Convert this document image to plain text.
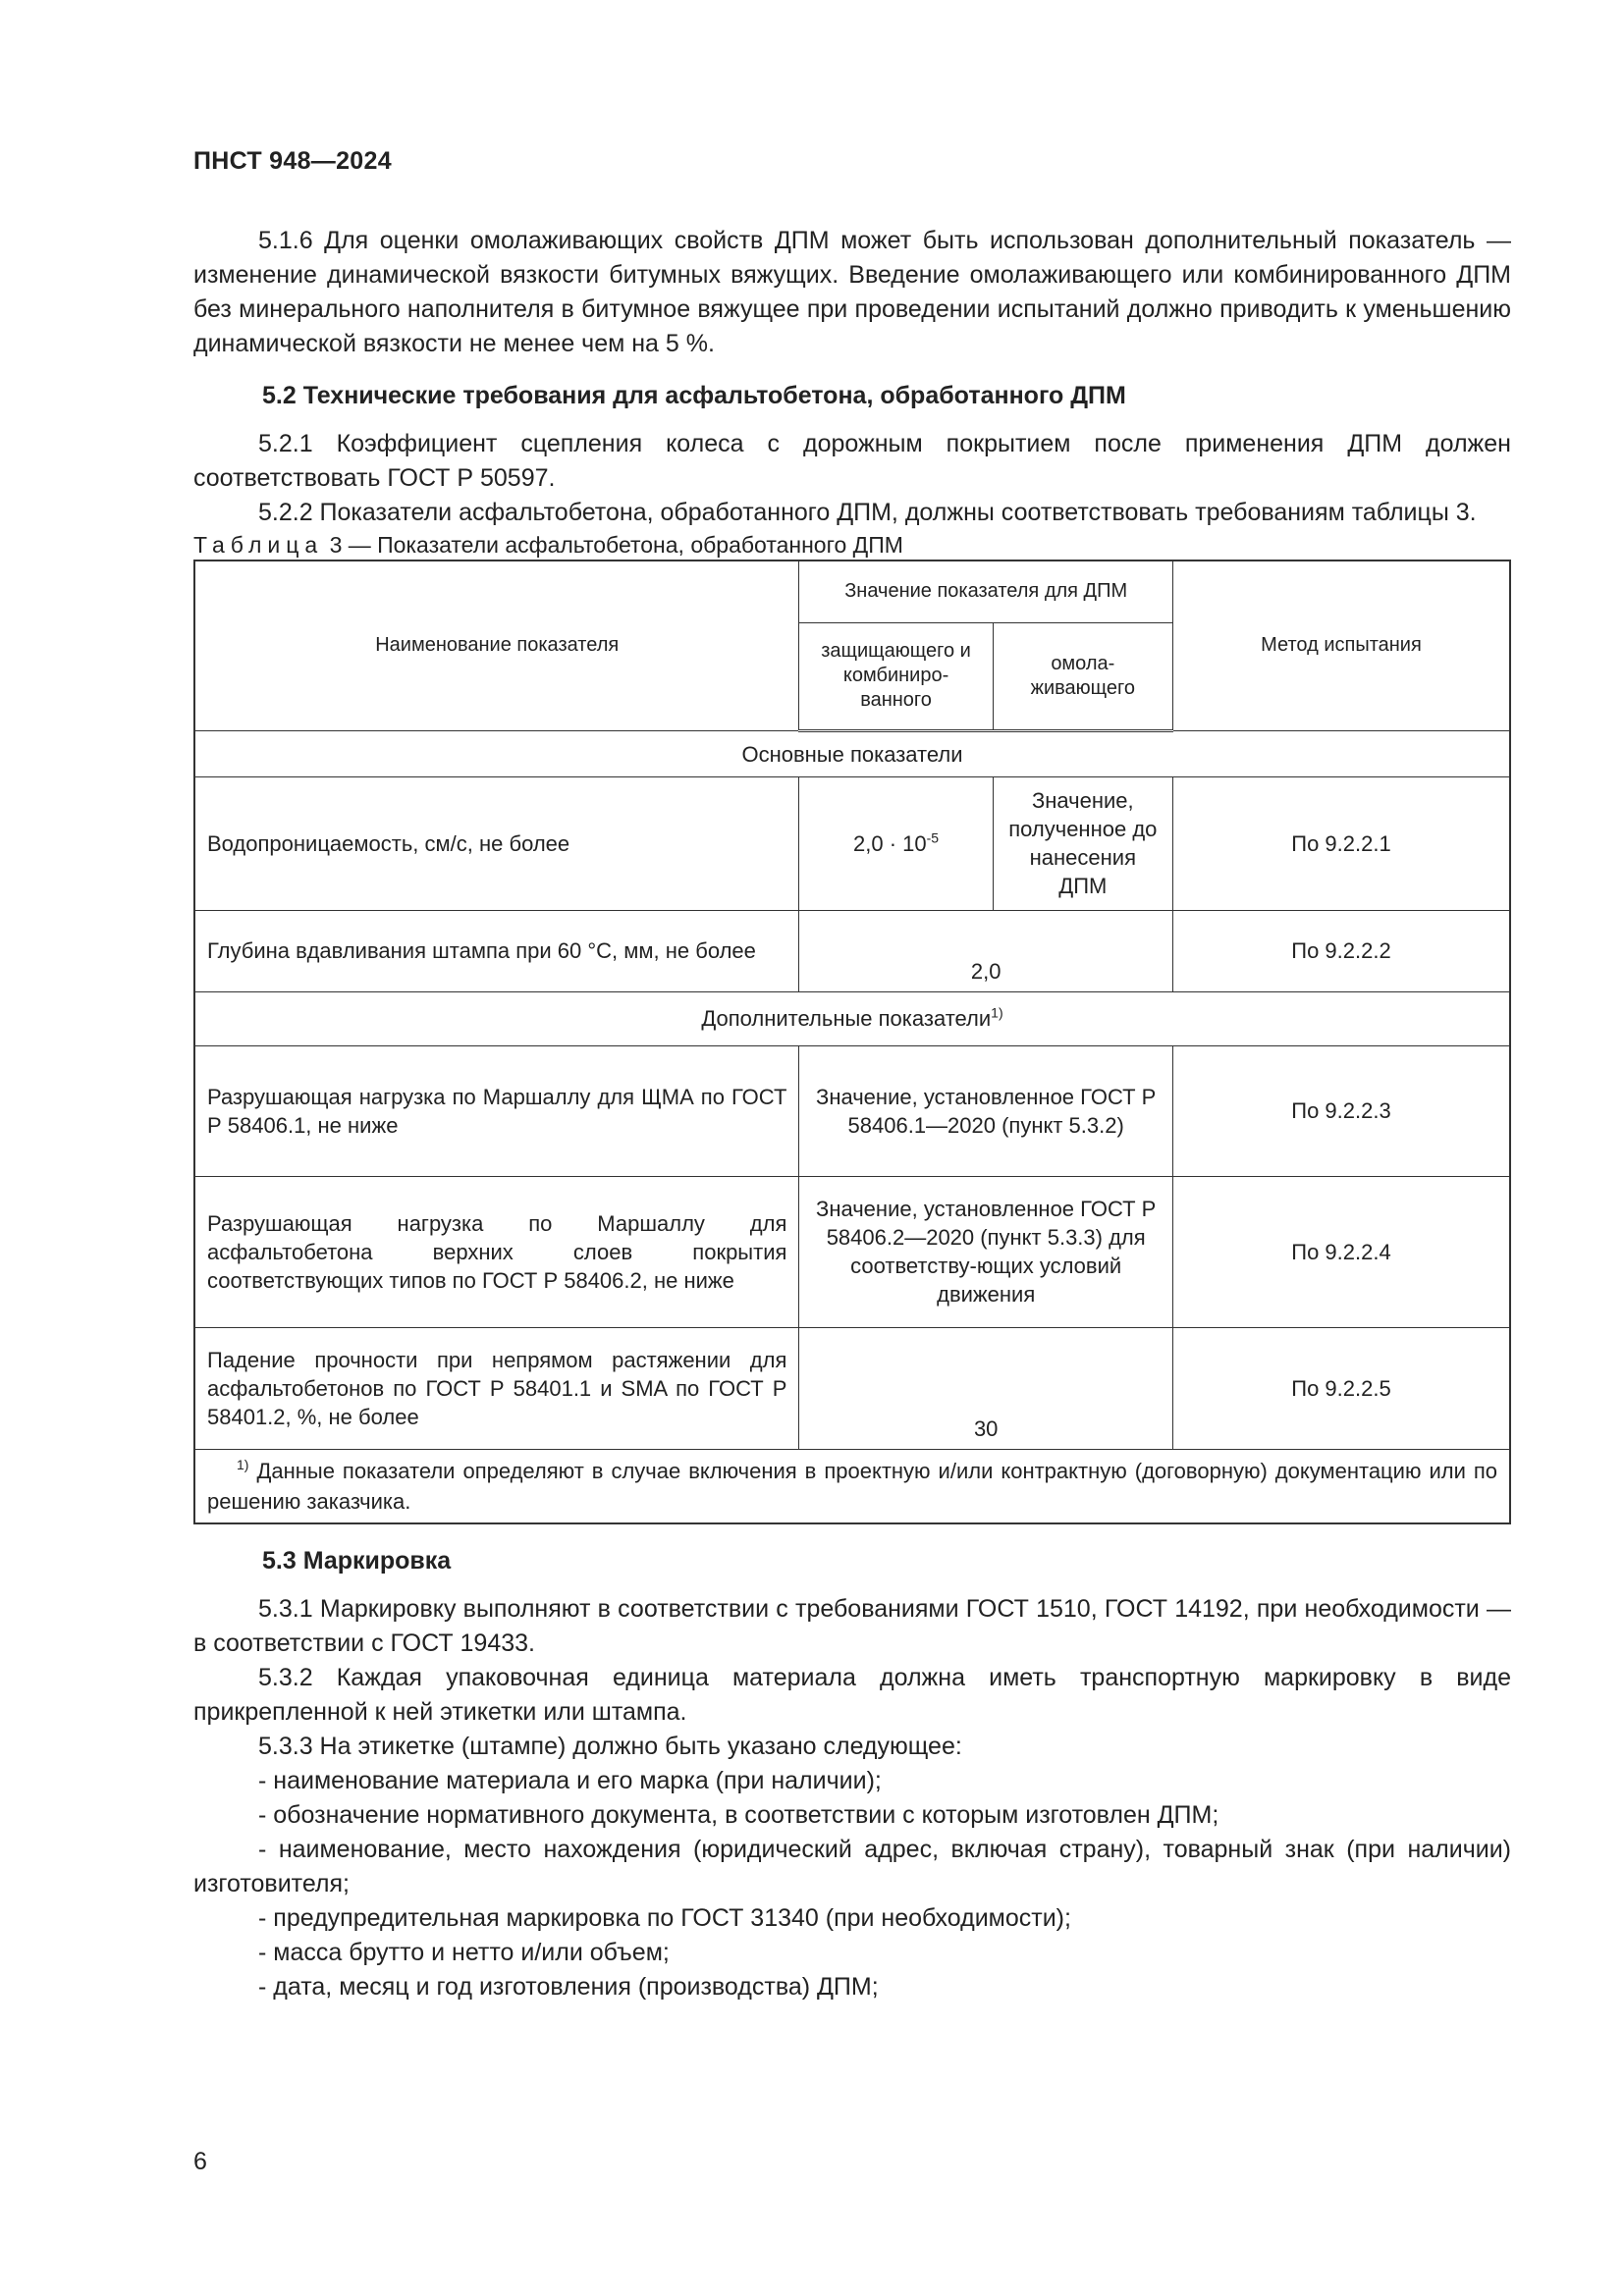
ПНСТ 948—2024

5.1.6 Для оценки омолаживающих свойств ДПМ может быть использован дополнительный показатель — изменение динамической вязкости битумных вяжущих. Введение омолаживающего или комбинированного ДПМ без минерального наполнителя в битумное вяжущее при проведении испытаний должно приводить к уменьшению динамической вязкости не менее чем на 5 %.

5.2 Технические требования для асфальтобетона, обработанного ДПМ

5.2.1 Коэффициент сцепления колеса с дорожным покрытием после применения ДПМ должен соответствовать ГОСТ Р 50597.

5.2.2 Показатели асфальтобетона, обработанного ДПМ, должны соответствовать требованиям таблицы 3.

Таблица 3 — Показатели асфальтобетона, обработанного ДПМ

Наименование показателя	Значение показателя для ДПМ		Метод испытания
	защищающего и комбиниро-ванного	омола-живающего	
Основные показатели			
Водопроницаемость, см/с, не более	$2,0 \cdot 10^{-5}$	Значение, полученное до нанесения ДПМ	По 9.2.2.1
Глубина вдавливания штампа при 60 °С, мм, не более	2,0		По 9.2.2.2
Дополнительные показатели$^{1)}$
Разрушающая нагрузка по Маршаллу для ЩМА по ГОСТ Р 58406.1, не ниже	Значение, установленное ГОСТ Р 58406.1—2020 (пункт 5.3.2)		По 9.2.2.3
Разрушающая нагрузка по Маршаллу для асфальтобетона верхних слоев покрытия соответствующих типов по ГОСТ Р 58406.2, не ниже	Значение, установленное ГОСТ Р 58406.2—2020 (пункт 5.3.3) для соответству-ющих условий движения		По 9.2.2.4
Падение прочности при непрямом растяжении для асфальтобетонов по ГОСТ Р 58401.1 и SMA по ГОСТ Р 58401.2, %, не более	30		По 9.2.2.5
$^{1)}$ Данные показатели определяют в случае включения в проектную и/или контрактную (договорную) документацию или по решению заказчика.			
5.3 Маркировка

5.3.1 Маркировку выполняют в соответствии с требованиями ГОСТ 1510, ГОСТ 14192, при необходимости — в соответствии с ГОСТ 19433.

5.3.2 Каждая упаковочная единица материала должна иметь транспортную маркировку в виде прикрепленной к ней этикетки или штампа.

5.3.3 На этикетке (штампе) должно быть указано следующее:

- наименование материала и его марка (при наличии);
- обозначение нормативного документа, в соответствии с которым изготовлен ДПМ;
- наименование, место нахождения (юридический адрес, включая страну), товарный знак (при наличии) изготовителя;
- предупредительная маркировка по ГОСТ 31340 (при необходимости);
- масса брутто и нетто и/или объем;
- дата, месяц и год изготовления (производства) ДПМ;
6
